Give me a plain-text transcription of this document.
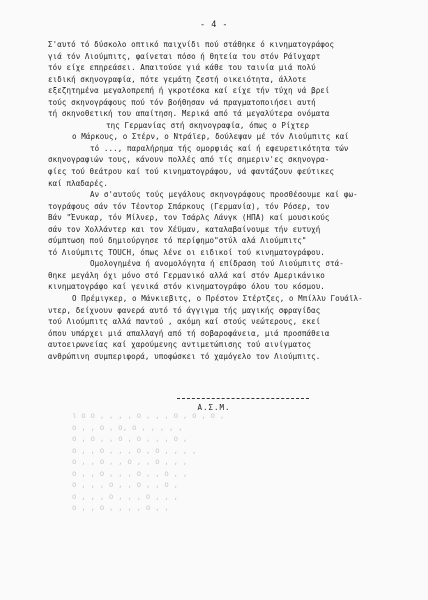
- 4 -
ι ο ο , , , , ο , , , ο , ο , ο ,
ο , , ο , ο, ο , , , , ,
ο , ο , , ο , ο , , , ο ,
ο , , ο , , , ο , ο , , , ,
ο , , ο , , ο , , ο , , ,
ο , , ο , , , ο , , ο , ,
ο , , , ο , , ο , , ο ,
ο , , , ο , , , ο , , ,
ο , , ο , , , , ο , ,
Σ'αυτό τό δύσκολο οπτικό παιχνίδι πού στάθηκε ό κινηματογράφος
γιά τόν Λιούμπιτς, φαίνεται πόσο ή θητεία του στόν Ράϊνχαρτ
τόν είχε επηρεάσει. Απαιτούσε γιά κάθε του ταινία μιά πολύ
ειδική σκηνογραφία, πότε γεμάτη ζεστή οικειότητα, άλλοτε
εξεζητημένα μεγαλοπρεπή ή γκροτέσκα καί είχε τήν τύχη νά βρεί
τούς σκηνογράφους πού τόν βοήθησαν νά πραγματοποιήσει αυτή
τή σκηνοθετική του απαίτηση. Μερικά από τά μεγαλύτερα ονόματα
της Γερμανίας στή σκηνογραφία, όπως ο Ρίχτερ
ο Μάρκους, ο Στέρν, ο Ντράϊερ, δούλεψαν μέ τόν Λιούμπιτς καί
τό ..., παραλήρημα τής ομορφιάς καί ή εφευρετικότητα τών
σκηνογραφιών τους, κάνουν πολλές από τίς σημεριν'ες σκηνογρα-
φίες τού θεάτρου καί τού κινηματογράφου, νά φαντάζουν φεύτικες
καί πλαδαρές.
Αν σ'αυτούς τούς μεγάλους σκηνογράφους προσθέσουμε καί φω-
τογράφους σάν τόν Τέοντορ Σπάρκους (Γερμανία), τόν Ρόσερ, τον
Βάν "Ένυκαρ, τόν Μίλνερ, τον Τσάρλς Λάνγκ (ΗΠΑ) καί μουσικούς
σάν τον Χολλάντερ και τον Χέϋμαν, καταλαβαίνουμε τήν ευτυχή
σύμπτωση πού δημιούργησε τό περίφημο"στύλ αλά Λιούμπιτς"
τό Λιούμπιτς TOUCH, όπως λένε οι ειδικοί τού κινηματογράφου.
Ομολογημένα ή ανομολόγητα ή επίδραση τού Λιούμπιτς στά-
θηκε μεγάλη όχι μόνο στό Γερμανικό αλλά καί στόν Αμερικάνικο
κινηματογράφο καί γενικά στόν κινηματογράφο όλου του κόσμου.
Ο Πρέμιγκερ, ο Μάνκιεβιτς, ο Πρέστον Στέρτζες, ο Μπίλλυ Γουάϊλ-
ντερ, δείχνουν φανερά αυτό τό άγγιγμα τής μαγικής σφραγίδας
τού Λιούμπιτς αλλά παντού , ακόμη καί στούς νεώτερους, εκεί
όπου υπάρχει μιά απαλλαγή από τή σοβαροφάνεια, μιά προσπάθεια
αυτοειρωνείας καί χαρούμενης αντιμετώπισης τού αινίγματος
ανθρώπινη συμπεριφορά, υποφώσκει τό χαμόγελο τον Λιούμπιτς.
Α.Σ.Μ.
